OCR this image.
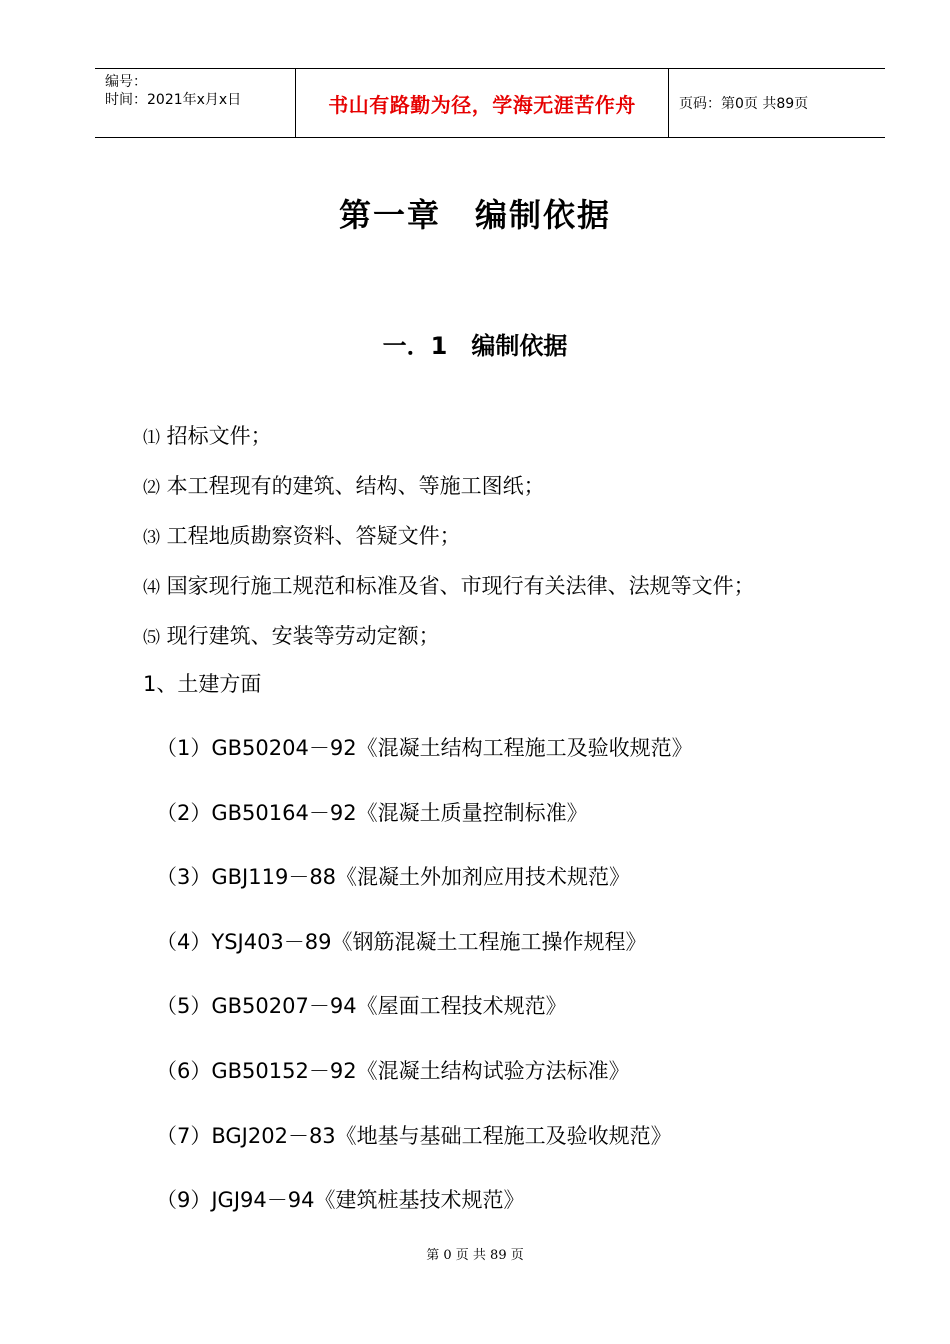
编号：
时间：2021年x月x日	书山有路勤为径，学海无涯苦作舟	页码：第0页 共89页
第一章　编制依据
一．1　编制依据
⑴ 招标文件；
⑵ 本工程现有的建筑、结构、等施工图纸；
⑶ 工程地质勘察资料、答疑文件；
⑷ 国家现行施工规范和标准及省、市现行有关法律、法规等文件；
⑸ 现行建筑、安装等劳动定额；
1、土建方面
（1）GB50204－92《混凝土结构工程施工及验收规范》
（2）GB50164－92《混凝土质量控制标准》
（3）GBJ119－88《混凝土外加剂应用技术规范》
（4）YSJ403－89《钢筋混凝土工程施工操作规程》
（5）GB50207－94《屋面工程技术规范》
（6）GB50152－92《混凝土结构试验方法标准》
（7）BGJ202－83《地基与基础工程施工及验收规范》
（9）JGJ94－94《建筑桩基技术规范》
第 0 页 共 89 页
